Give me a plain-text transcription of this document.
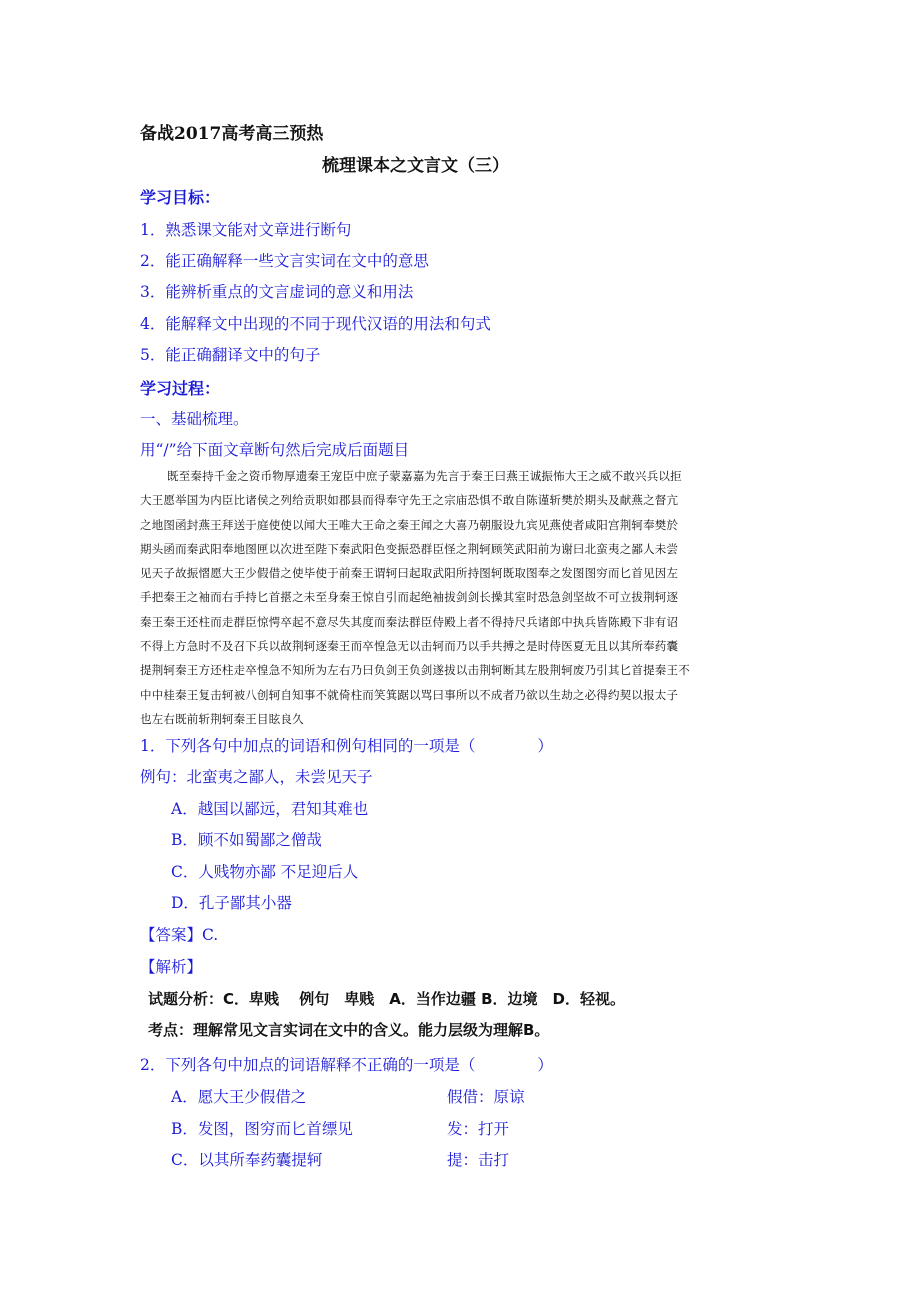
备战2017高考高三预热
梳理课本之文言文（三）
学习目标：
1．熟悉课文能对文章进行断句
2．能正确解释一些文言实词在文中的意思
3．能辨析重点的文言虚词的意义和用法
4．能解释文中出现的不同于现代汉语的用法和句式
5．能正确翻译文中的句子
学习过程：
一、基础梳理。
用“/”给下面文章断句然后完成后面题目
既至秦持千金之资币物厚遗秦王宠臣中庶子蒙嘉嘉为先言于秦王曰燕王诚振怖大王之威不敢兴兵以拒
大王愿举国为内臣比诸侯之列给贡职如郡县而得奉守先王之宗庙恐惧不敢自陈谨斩樊於期头及献燕之督亢
之地图函封燕王拜送于庭使使以闻大王唯大王命之秦王闻之大喜乃朝服设九宾见燕使者咸阳宫荆轲奉樊於
期头函而秦武阳奉地图匣以次进至陛下秦武阳色变振恐群臣怪之荆轲顾笑武阳前为谢曰北蛮夷之鄙人未尝
见天子故振慴愿大王少假借之使毕使于前秦王谓轲曰起取武阳所持图轲既取图奉之发图图穷而匕首见因左
手把秦王之袖而右手持匕首揕之未至身秦王惊自引而起绝袖拔剑剑长操其室时恐急剑坚故不可立拔荆轲逐
秦王秦王还柱而走群臣惊愕卒起不意尽失其度而秦法群臣侍殿上者不得持尺兵诸郎中执兵皆陈殿下非有诏
不得上方急时不及召下兵以故荆轲逐秦王而卒惶急无以击轲而乃以手共搏之是时侍医夏无且以其所奉药囊
提荆轲秦王方还柱走卒惶急不知所为左右乃曰负剑王负剑遂拔以击荆轲断其左股荆轲废乃引其匕首提秦王不
中中桂秦王复击轲被八创轲自知事不就倚柱而笑箕踞以骂曰事所以不成者乃欲以生劫之必得约契以报太子
也左右既前斩荆轲秦王目眩良久
1．下列各句中加点的词语和例句相同的一项是（　　　　）
例句：北蛮夷之鄙人，未尝见天子
A．越国以鄙远，君知其难也
B．顾不如蜀鄙之僧哉
C．人贱物亦鄙 不足迎后人
D．孔子鄙其小器
【答案】C.
【解析】
试题分析：C．卑贱　 例句　卑贱　A．当作边疆 B．边境　D．轻视。
考点：理解常见文言实词在文中的含义。能力层级为理解B。
2．下列各句中加点的词语解释不正确的一项是（　　　　）
A．愿大王少假借之	假借：原谅
B．发图，图穷而匕首缥见	发：打开
C．以其所奉药囊提轲	提：击打
